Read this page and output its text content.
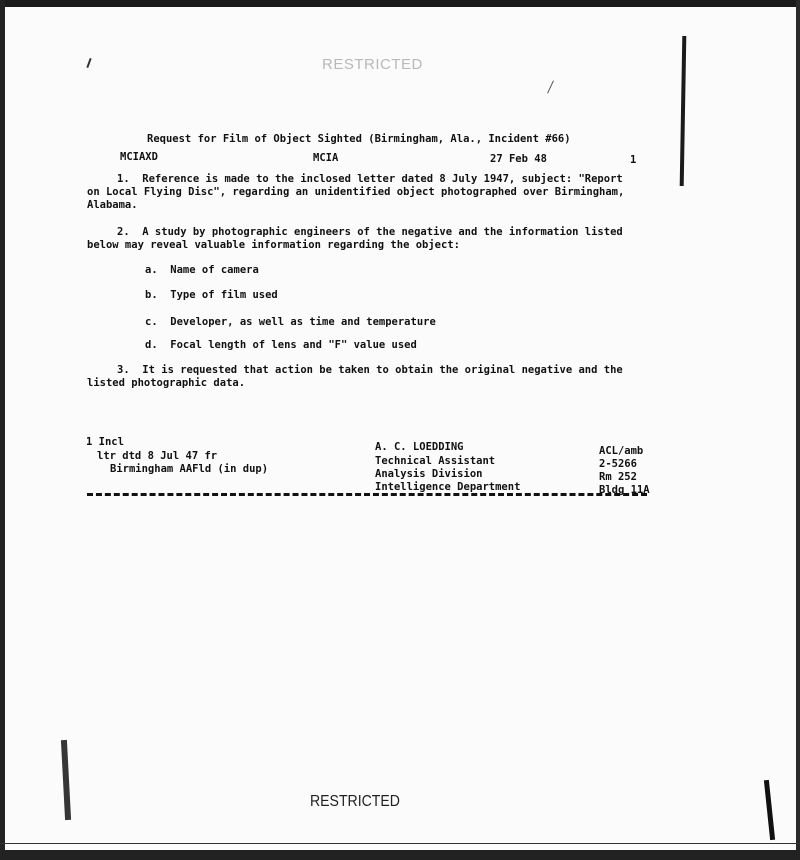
RESTRICTED
Request for Film of Object Sighted (Birmingham, Ala., Incident #66)
MCIAXD	MCIA	27 Feb 48	1
1.  Reference is made to the inclosed letter dated 8 July 1947, subject: "Report
on Local Flying Disc", regarding an unidentified object photographed over Birmingham,
Alabama.
2.  A study by photographic engineers of the negative and the information listed
below may reveal valuable information regarding the object:
a.  Name of camera
b.  Type of film used
c.  Developer, as well as time and temperature
d.  Focal length of lens and "F" value used
3.  It is requested that action be taken to obtain the original negative and the
listed photographic data.
1 Incl
ltr dtd 8 Jul 47 fr
Birmingham AAFld (in dup)
A. C. LOEDDING
Technical Assistant
Analysis Division
Intelligence Department
ACL/amb
2-5266
Rm 252
Bldg 11A
RESTRICTED
